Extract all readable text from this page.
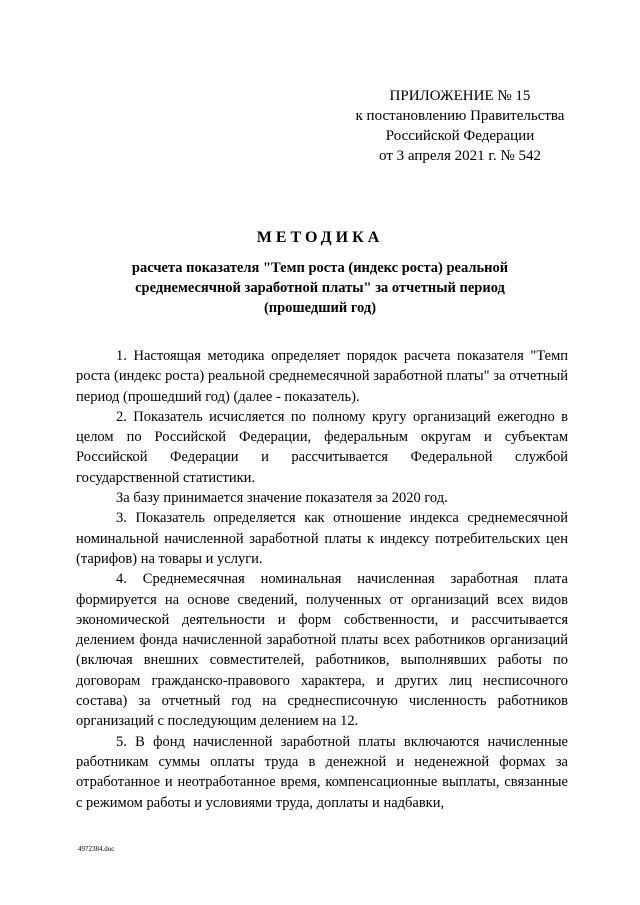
ПРИЛОЖЕНИЕ № 15
к постановлению Правительства
Российской Федерации
от 3 апреля 2021 г. № 542
МЕТОДИКА
расчета показателя "Темп роста (индекс роста) реальной среднемесячной заработной платы" за отчетный период (прошедший год)

1. Настоящая методика определяет порядок расчета показателя "Темп роста (индекс роста) реальной среднемесячной заработной платы" за отчетный период (прошедший год) (далее - показатель).

2. Показатель исчисляется по полному кругу организаций ежегодно в целом по Российской Федерации, федеральным округам и субъектам Российской Федерации и рассчитывается Федеральной службой государственной статистики.

За базу принимается значение показателя за 2020 год.

3. Показатель определяется как отношение индекса среднемесячной номинальной начисленной заработной платы к индексу потребительских цен (тарифов) на товары и услуги.

4. Среднемесячная номинальная начисленная заработная плата формируется на основе сведений, полученных от организаций всех видов экономической деятельности и форм собственности, и рассчитывается делением фонда начисленной заработной платы всех работников организаций (включая внешних совместителей, работников, выполнявших работы по договорам гражданско-правового характера, и других лиц несписочного состава) за отчетный год на среднесписочную численность работников организаций с последующим делением на 12.

5. В фонд начисленной заработной платы включаются начисленные работникам суммы оплаты труда в денежной и неденежной формах за отработанное и неотработанное время, компенсационные выплаты, связанные с режимом работы и условиями труда, доплаты и надбавки,

4972384.doc
